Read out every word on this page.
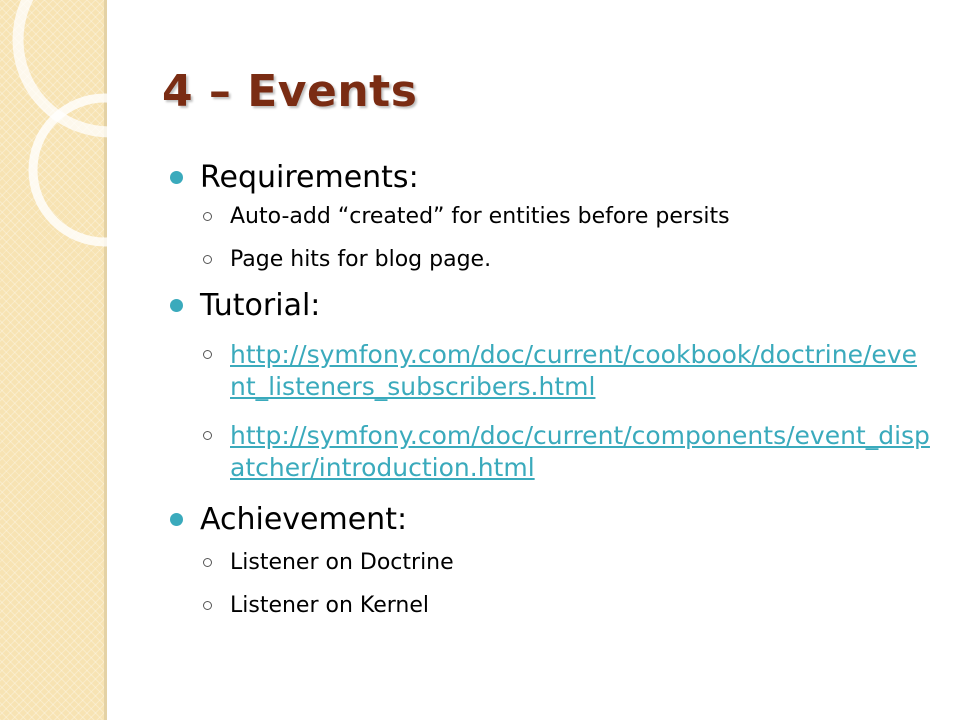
4 – Events
Requirements:
Auto-add “created” for entities before persits
Page hits for blog page.
Tutorial:
http://symfony.com/doc/current/cookbook/doctrine/event_listeners_subscribers.html
http://symfony.com/doc/current/components/event_dispatcher/introduction.html
Achievement:
Listener on Doctrine
Listener on Kernel
